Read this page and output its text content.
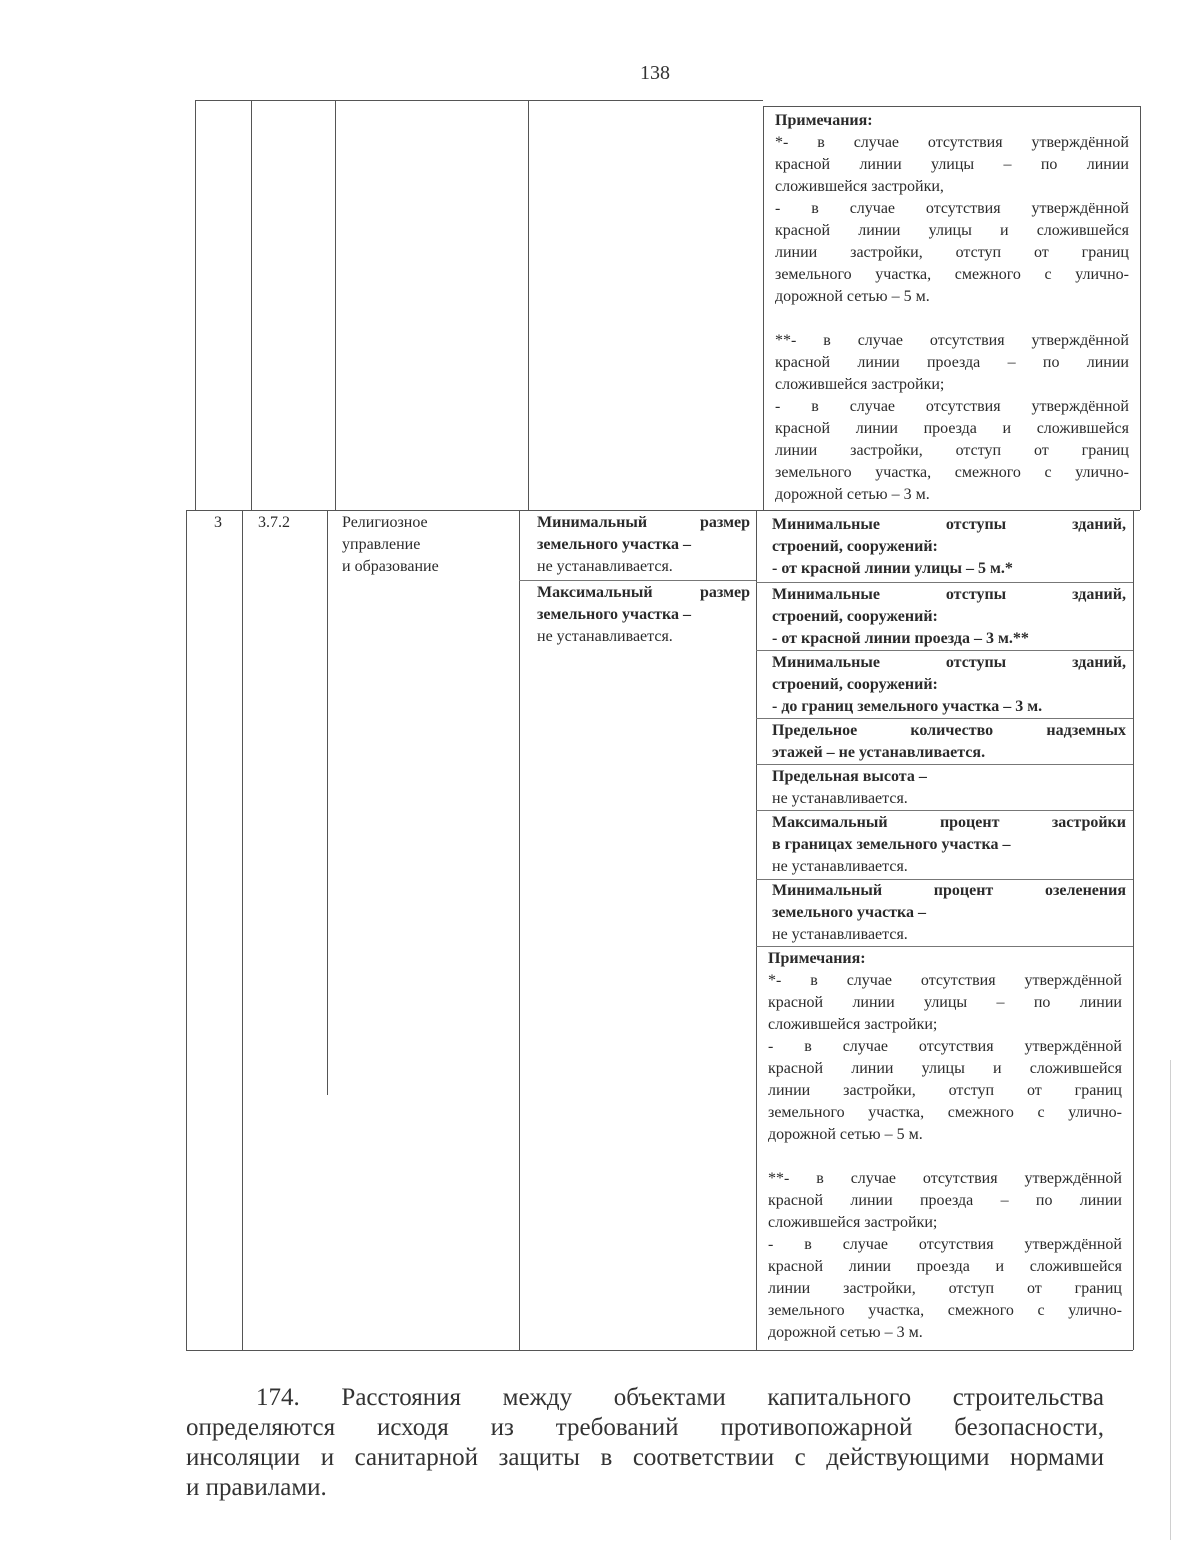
138
Примечания:
*- в случае отсутствия утверждённой
красной линии улицы – по линии
сложившейся застройки,
- в случае отсутствия утверждённой
красной линии улицы и сложившейся
линии застройки, отступ от границ
земельного участка, смежного с улично-
дорожной сетью – 5 м.
**- в случае отсутствия утверждённой
красной линии проезда – по линии
сложившейся застройки;
- в случае отсутствия утверждённой
красной линии проезда и сложившейся
линии застройки, отступ от границ
земельного участка, смежного с улично-
дорожной сетью – 3 м.
3 3.7.2	Религиозное
управление
и образование
Минимальный размер
земельного участка –
не устанавливается.
Максимальный размер
земельного участка –
не устанавливается.
Минимальные отступы зданий,
строений, сооружений:
- от красной линии улицы – 5 м.*
Минимальные отступы зданий,
строений, сооружений:
- от красной линии проезда – 3 м.**
Минимальные отступы зданий,
строений, сооружений:
- до границ земельного участка – 3 м.
Предельное количество надземных
этажей – не устанавливается.
Предельная высота –
не устанавливается.
Максимальный процент застройки
в границах земельного участка –
не устанавливается.
Минимальный процент озеленения
земельного участка –
не устанавливается.
Примечания:
*- в случае отсутствия утверждённой
красной линии улицы – по линии
сложившейся застройки;
- в случае отсутствия утверждённой
красной линии улицы и сложившейся
линии застройки, отступ от границ
земельного участка, смежного с улично-
дорожной сетью – 5 м.
**- в случае отсутствия утверждённой
красной линии проезда – по линии
сложившейся застройки;
- в случае отсутствия утверждённой
красной линии проезда и сложившейся
линии застройки, отступ от границ
земельного участка, смежного с улично-
дорожной сетью – 3 м.
174. Расстояния между объектами капитального строительства
определяются исходя из требований противопожарной безопасности,
инсоляции и санитарной защиты в соответствии с действующими нормами
и правилами.
